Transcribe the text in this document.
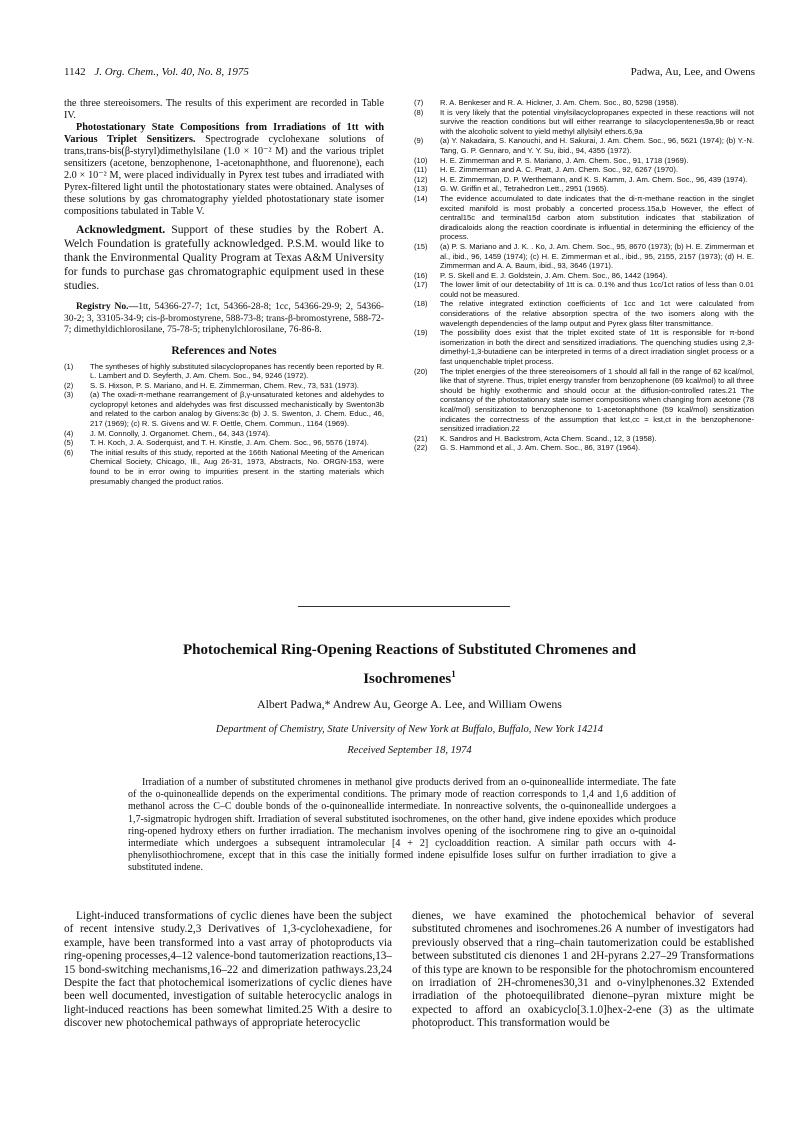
1142 J. Org. Chem., Vol. 40, No. 8, 1975	Padwa, Au, Lee, and Owens

the three stereoisomers. The results of this experiment are recorded in Table IV.

Photostationary State Compositions from Irradiations of 1tt with Various Triplet Sensitizers. Spectrograde cyclohexane solutions of trans,trans-bis(β-styryl)dimethylsilane (1.0 × 10⁻² M) and the various triplet sensitizers (acetone, benzophenone, 1-acetonaphthone, and fluorenone), each 2.0 × 10⁻² M, were placed individually in Pyrex test tubes and irradiated with Pyrex-filtered light until the photostationary states were obtained. Analyses of these solutions by gas chromatography yielded photostationary state isomer compositions tabulated in Table V.

Acknowledgment. Support of these studies by the Robert A. Welch Foundation is gratefully acknowledged. P.S.M. would like to thank the Environmental Quality Program at Texas A&M University for funds to purchase gas chromatographic equipment used in these studies.

Registry No.—1tt, 54366-27-7; 1ct, 54366-28-8; 1cc, 54366-29-9; 2, 54366-30-2; 3, 33105-34-9; cis-β-bromostyrene, 588-73-8; trans-β-bromostyrene, 588-72-7; dimethyldichlorosilane, 75-78-5; triphenylchlorosilane, 76-86-8.

References and Notes
(1)	The syntheses of highly substituted silacyclopropanes has recently been reported by R. L. Lambert and D. Seyferth, J. Am. Chem. Soc., 94, 9246 (1972).
(2)	S. S. Hixson, P. S. Mariano, and H. E. Zimmerman, Chem. Rev., 73, 531 (1973).
(3)	(a) The oxadi-π-methane rearrangement of β,γ-unsaturated ketones and aldehydes to cyclopropyl ketones and aldehydes was first discussed mechanistically by Swenton3b and related to the carbon analog by Givens:3c (b) J. S. Swenton, J. Chem. Educ., 46, 217 (1969); (c) R. S. Givens and W. F. Oettle, Chem. Commun., 1164 (1969).
(4)	J. M. Connolly, J. Organomet. Chem., 64, 343 (1974).
(5)	T. H. Koch, J. A. Soderquist, and T. H. Kinstle, J. Am. Chem. Soc., 96, 5576 (1974).
(6)	The initial results of this study, reported at the 166th National Meeting of the American Chemical Society, Chicago, Ill., Aug 26-31, 1973, Abstracts, No. ORGN-153, were found to be in error owing to impurities present in the starting materials which presumably changed the product ratios.
(7)	R. A. Benkeser and R. A. Hickner, J. Am. Chem. Soc., 80, 5298 (1958).
(8)	It is very likely that the potential vinylsilacyclopropanes expected in these reactions will not survive the reaction conditions but will either rearrange to silacyclopentenes9a,9b or react with the alcoholic solvent to yield methyl allylsilyl ethers.6,9a
(9)	(a) Y. Nakadaira, S. Kanouchi, and H. Sakurai, J. Am. Chem. Soc., 96, 5621 (1974); (b) Y.-N. Tang, G. P. Gennaro, and Y. Y. Su, ibid., 94, 4355 (1972).
(10)	H. E. Zimmerman and P. S. Mariano, J. Am. Chem. Soc., 91, 1718 (1969).
(11)	H. E. Zimmerman and A. C. Pratt, J. Am. Chem. Soc., 92, 6267 (1970).
(12)	H. E. Zimmerman, D. P. Werthemann, and K. S. Kamm, J. Am. Chem. Soc., 96, 439 (1974).
(13)	G. W. Griffin et al., Tetrahedron Lett., 2951 (1965).
(14)	The evidence accumulated to date indicates that the di-π-methane reaction in the singlet excited manifold is most probably a concerted process.15a,b However, the effect of central15c and terminal15d carbon atom substitution indicates that stabilization of diradicaloids along the reaction coordinate is influential in determining the efficiency of the process.
(15)	(a) P. S. Mariano and J. K. . Ko, J. Am. Chem. Soc., 95, 8670 (1973); (b) H. E. Zimmerman et al., ibid., 96, 1459 (1974); (c) H. E. Zimmerman et al., ibid., 95, 2155, 2157 (1973); (d) H. E. Zimmerman and A. A. Baum, ibid., 93, 3646 (1971).
(16)	P. S. Skell and E. J. Goldstein, J. Am. Chem. Soc., 86, 1442 (1964).
(17)	The lower limit of our detectability of 1tt is ca. 0.1% and thus 1cc/1ct ratios of less than 0.01 could not be measured.
(18)	The relative integrated extinction coefficients of 1cc and 1ct were calculated from considerations of the relative absorption spectra of the two isomers along with the wavelength dependencies of the lamp output and Pyrex glass filter transmittance.
(19)	The possibility does exist that the triplet excited state of 1tt is responsible for π-bond isomerization in both the direct and sensitized irradiations. The quenching studies using 2,3-dimethyl-1,3-butadiene can be interpreted in terms of a direct irradiation singlet process or a fast unquenchable triplet process.
(20)	The triplet energies of the three stereoisomers of 1 should all fall in the range of 62 kcal/mol, like that of styrene. Thus, triplet energy transfer from benzophenone (69 kcal/mol) to all three should be highly exothermic and should occur at the diffusion-controlled rates.21 The constancy of the photostationary state isomer compositions when changing from acetone (78 kcal/mol) sensitization to benzophenone to 1-acetonaphthone (59 kcal/mol) sensitization indicates the correctness of the assumption that kst,cc = kst,ct in the benzophenone-sensitized irradiation.22
(21)	K. Sandros and H. Backstrom, Acta Chem. Scand., 12, 3 (1958).
(22)	G. S. Hammond et al., J. Am. Chem. Soc., 86, 3197 (1964).
Photochemical Ring-Opening Reactions of Substituted Chromenes and
Isochromenes$^1$
Albert Padwa,* Andrew Au, George A. Lee, and William Owens
Department of Chemistry, State University of New York at Buffalo, Buffalo, New York 14214
Received September 18, 1974

Irradiation of a number of substituted chromenes in methanol give products derived from an o-quinoneallide intermediate. The fate of the o-quinoneallide depends on the experimental conditions. The primary mode of reaction corresponds to 1,4 and 1,6 addition of methanol across the C–C double bonds of the o-quinoneallide intermediate. In nonreactive solvents, the o-quinoneallide undergoes a 1,7-sigmatropic hydrogen shift. Irradiation of several substituted isochromenes, on the other hand, give indene epoxides which produce ring-opened hydroxy ethers on further irradiation. The mechanism involves opening of the isochromene ring to give an o-quinoidal intermediate which undergoes a subsequent intramolecular [4 + 2] cycloaddition reaction. A similar path occurs with 4-phenylisothiochromene, except that in this case the initially formed indene episulfide loses sulfur on further irradiation to give a substituted indene.

Light-induced transformations of cyclic dienes have been the subject of recent intensive study.2,3 Derivatives of 1,3-cyclohexadiene, for example, have been transformed into a vast array of photoproducts via ring-opening processes,4–12 valence-bond tautomerization reactions,13–15 bond-switching mechanisms,16–22 and dimerization pathways.23,24 Despite the fact that photochemical isomerizations of cyclic dienes have been well documented, investigation of suitable heterocyclic analogs in light-induced reactions has been somewhat limited.25 With a desire to discover new photochemical pathways of appropriate heterocyclic

dienes, we have examined the photochemical behavior of several substituted chromenes and isochromenes.26 A number of investigators had previously observed that a ring–chain tautomerization could be established between substituted cis dienones 1 and 2H-pyrans 2.27–29 Transformations of this type are known to be responsible for the photochromism encountered on irradiation of 2H-chromenes30,31 and o-vinylphenones.32 Extended irradiation of the photoequilibrated dienone–pyran mixture might be expected to afford an oxabicyclo[3.1.0]hex-2-ene (3) as the ultimate photoproduct. This transformation would be
